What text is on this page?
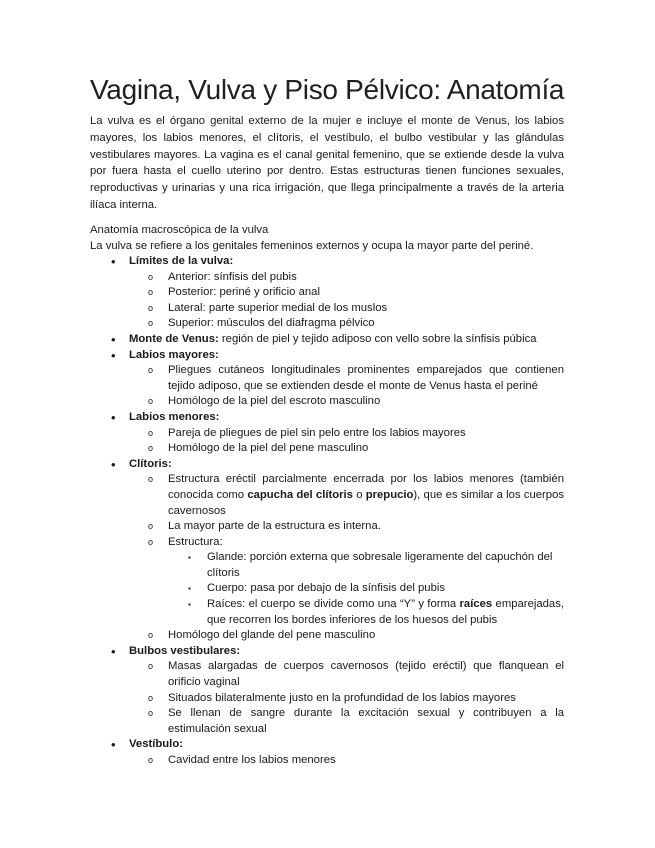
Vagina, Vulva y Piso Pélvico: Anatomía

La vulva es el órgano genital externo de la mujer e incluye el monte de Venus, los labios mayores, los labios menores, el clítoris, el vestíbulo, el bulbo vestibular y las glándulas vestibulares mayores. La vagina es el canal genital femenino, que se extiende desde la vulva por fuera hasta el cuello uterino por dentro. Estas estructuras tienen funciones sexuales, reproductivas y urinarias y una rica irrigación, que llega principalmente a través de la arteria ilíaca interna.

Anatomía macroscópica de la vulva

La vulva se refiere a los genitales femeninos externos y ocupa la mayor parte del periné.

• Límites de la vulva:
o Anterior: sínfisis del pubis
o Posterior: periné y orificio anal
o Lateral: parte superior medial de los muslos
o Superior: músculos del diafragma pélvico
• Monte de Venus: región de piel y tejido adiposo con vello sobre la sínfisis púbica
• Labios mayores:
o Pliegues cutáneos longitudinales prominentes emparejados que contienen tejido adiposo, que se extienden desde el monte de Venus hasta el periné
o Homólogo de la piel del escroto masculino
• Labios menores:
o Pareja de pliegues de piel sin pelo entre los labios mayores
o Homólogo de la piel del pene masculino
• Clítoris:
o Estructura eréctil parcialmente encerrada por los labios menores (también conocida como capucha del clítoris o prepucio), que es similar a los cuerpos cavernosos
o La mayor parte de la estructura es interna.
o Estructura:
▪ Glande: porción externa que sobresale ligeramente del capuchón del clítoris
▪ Cuerpo: pasa por debajo de la sínfisis del pubis
▪ Raíces: el cuerpo se divide como una “Y” y forma raíces emparejadas, que recorren los bordes inferiores de los huesos del pubis
o Homólogo del glande del pene masculino
• Bulbos vestibulares:
o Masas alargadas de cuerpos cavernosos (tejido eréctil) que flanquean el orificio vaginal
o Situados bilateralmente justo en la profundidad de los labios mayores
o Se llenan de sangre durante la excitación sexual y contribuyen a la estimulación sexual
• Vestíbulo:
o Cavidad entre los labios menores
